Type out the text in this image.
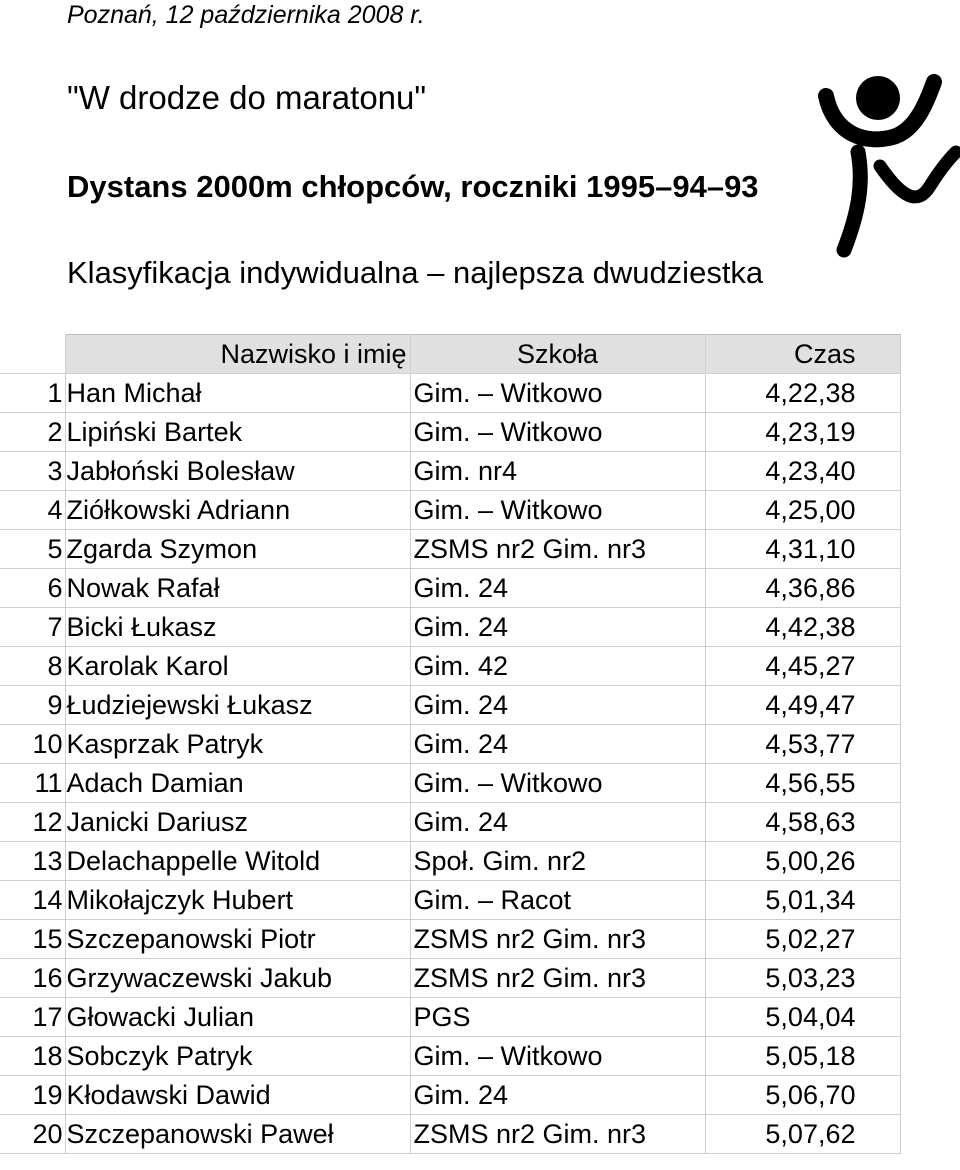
Poznań, 12 października 2008 r.
"W drodze do maratonu"
Dystans 2000m chłopców, roczniki 1995–94–93
Klasyfikacja indywidualna – najlepsza dwudziestka
	Nazwisko i imię	Szkoła	Czas
1	Han Michał	Gim. – Witkowo	4,22,38
2	Lipiński Bartek	Gim. – Witkowo	4,23,19
3	Jabłoński Bolesław	Gim. nr4	4,23,40
4	Ziółkowski Adriann	Gim. – Witkowo	4,25,00
5	Zgarda Szymon	ZSMS nr2 Gim. nr3	4,31,10
6	Nowak Rafał	Gim. 24	4,36,86
7	Bicki Łukasz	Gim. 24	4,42,38
8	Karolak Karol	Gim. 42	4,45,27
9	Łudziejewski Łukasz	Gim. 24	4,49,47
10	Kasprzak Patryk	Gim. 24	4,53,77
11	Adach Damian	Gim. – Witkowo	4,56,55
12	Janicki Dariusz	Gim. 24	4,58,63
13	Delachappelle Witold	Społ. Gim. nr2	5,00,26
14	Mikołajczyk Hubert	Gim. – Racot	5,01,34
15	Szczepanowski Piotr	ZSMS nr2 Gim. nr3	5,02,27
16	Grzywaczewski Jakub	ZSMS nr2 Gim. nr3	5,03,23
17	Głowacki Julian	PGS	5,04,04
18	Sobczyk Patryk	Gim. – Witkowo	5,05,18
19	Kłodawski Dawid	Gim. 24	5,06,70
20	Szczepanowski Paweł	ZSMS nr2 Gim. nr3	5,07,62
